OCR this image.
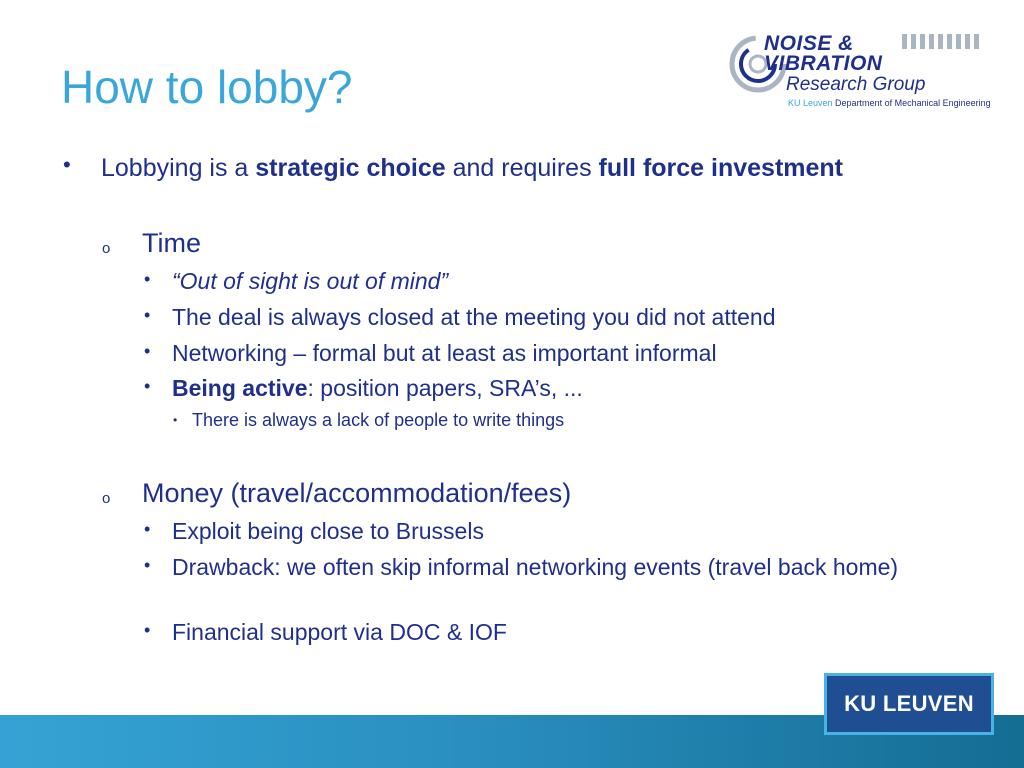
How to lobby?
NOISE &
VIBRATION
Research Group
KU Leuven Department of Mechanical Engineering
• Lobbying is a strategic choice and requires full force investment
o Time
• “Out of sight is out of mind”
• The deal is always closed at the meeting you did not attend
• Networking – formal but at least as important informal
• Being active: position papers, SRA’s, ...
• There is always a lack of people to write things
o Money (travel/accommodation/fees)
• Exploit being close to Brussels
• Drawback: we often skip informal networking events (travel back home)
• Financial support via DOC & IOF
KU LEUVEN
